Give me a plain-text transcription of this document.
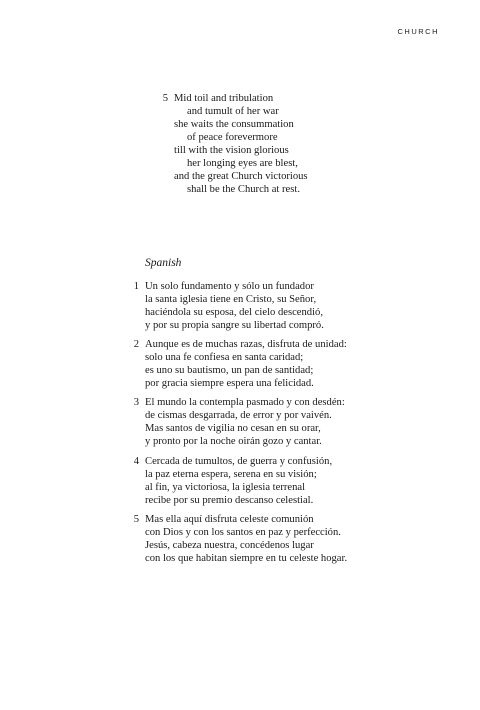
CHURCH
5 Mid toil and tribulation
and tumult of her war
she waits the consummation
of peace forevermore
till with the vision glorious
her longing eyes are blest,
and the great Church victorious
shall be the Church at rest.
Spanish
1 Un solo fundamento y sólo un fundador
la santa iglesia tiene en Cristo, su Señor,
haciéndola su esposa, del cielo descendió,
y por su propia sangre su libertad compró.
2 Aunque es de muchas razas, disfruta de unidad:
solo una fe confiesa en santa caridad;
es uno su bautismo, un pan de santidad;
por gracia siempre espera una felicidad.
3 El mundo la contempla pasmado y con desdén:
de cismas desgarrada, de error y por vaivén.
Mas santos de vigilia no cesan en su orar,
y pronto por la noche oirán gozo y cantar.
4 Cercada de tumultos, de guerra y confusión,
la paz eterna espera, serena en su visión;
al fin, ya victoriosa, la iglesia terrenal
recibe por su premio descanso celestial.
5 Mas ella aquí disfruta celeste comunión
con Dios y con los santos en paz y perfección.
Jesús, cabeza nuestra, concédenos lugar
con los que habitan siempre en tu celeste hogar.
